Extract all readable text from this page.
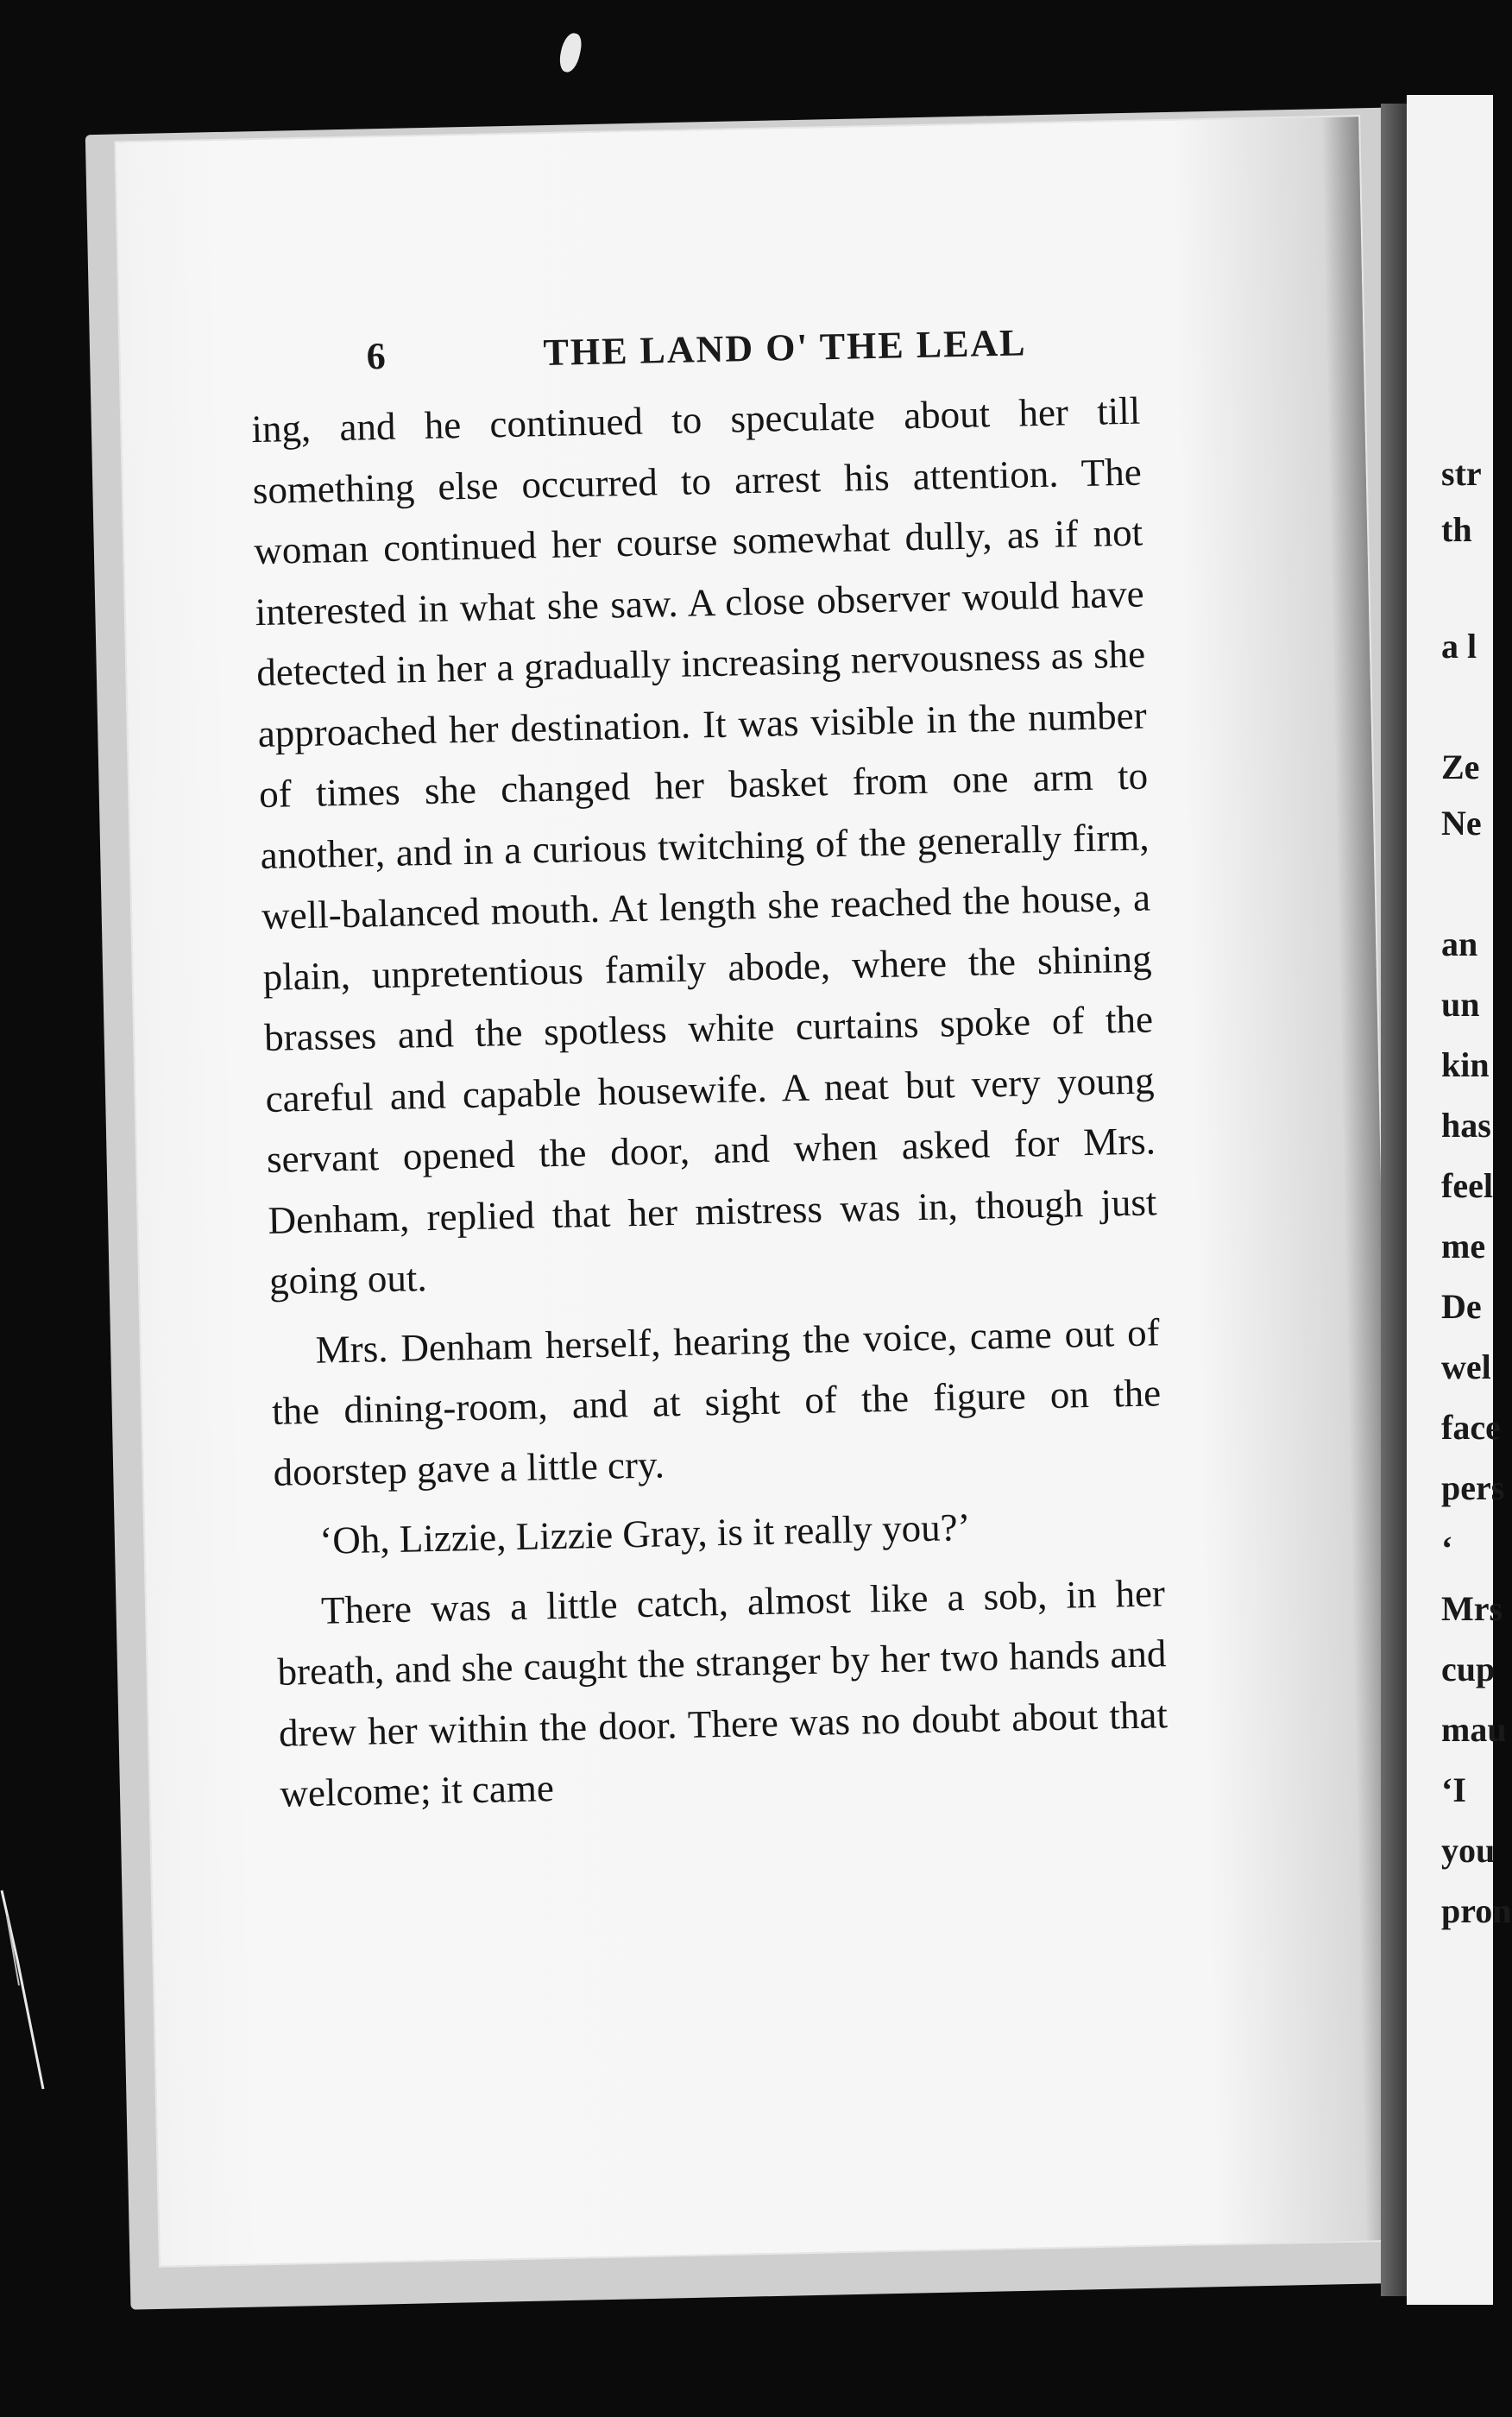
6	THE LAND O' THE LEAL

ing, and he continued to speculate about her till something else occurred to arrest his attention. The woman continued her course somewhat dully, as if not interested in what she saw. A close observer would have detected in her a gradually increasing nervousness as she approached her destination. It was visible in the number of times she changed her basket from one arm to another, and in a curious twitching of the generally firm, well-balanced mouth. At length she reached the house, a plain, unpretentious family abode, where the shining brasses and the spotless white curtains spoke of the careful and capable housewife. A neat but very young servant opened the door, and when asked for Mrs. Denham, replied that her mistress was in, though just going out.

Mrs. Denham herself, hearing the voice, came out of the dining-room, and at sight of the figure on the doorstep gave a little cry.

‘Oh, Lizzie, Lizzie Gray, is it really you?’

There was a little catch, almost like a sob, in her breath, and she caught the stranger by her two hands and drew her within the door. There was no doubt about that welcome; it came

str
th
a l
Ze
Ne
an
un
kin
has
feel
me
De
wel
face
pers
‘
Mrs
cup
mau
‘I
you
pron
